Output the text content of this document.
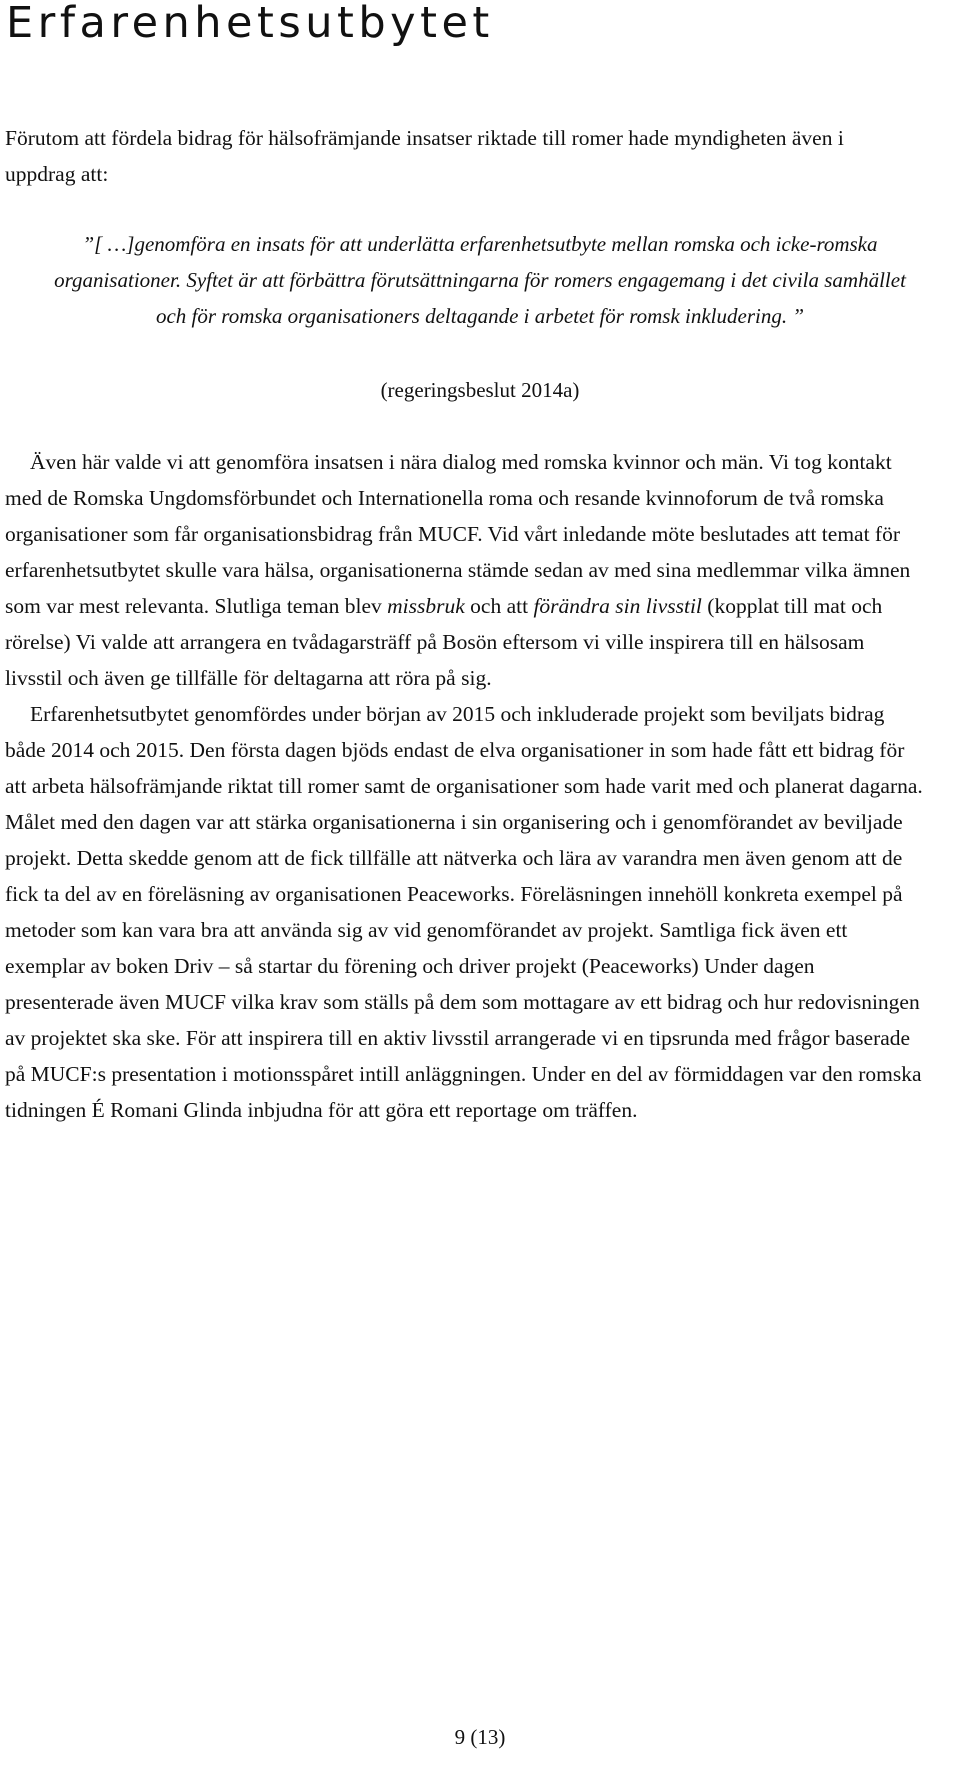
Erfarenhetsutbytet

Förutom att fördela bidrag för hälsofrämjande insatser riktade till romer hade myndigheten även i uppdrag att:

”[ …]genomföra en insats för att underlätta erfarenhetsutbyte mellan romska och icke-romska organisationer. Syftet är att förbättra förutsättningarna för romers engagemang i det civila samhället och för romska organisationers deltagande i arbetet för romsk inkludering. ”

(regeringsbeslut 2014a)

Även här valde vi att genomföra insatsen i nära dialog med romska kvinnor och män. Vi tog kontakt med de Romska Ungdomsförbundet och Internationella roma och resande kvinnoforum de två romska organisationer som får organisationsbidrag från MUCF. Vid vårt inledande möte beslutades att temat för erfarenhetsutbytet skulle vara hälsa, organisationerna stämde sedan av med sina medlemmar vilka ämnen som var mest relevanta. Slutliga teman blev missbruk och att förändra sin livsstil (kopplat till mat och rörelse) Vi valde att arrangera en tvådagarsträff på Bosön eftersom vi ville inspirera till en hälsosam livsstil och även ge tillfälle för deltagarna att röra på sig.

Erfarenhetsutbytet genomfördes under början av 2015 och inkluderade projekt som beviljats bidrag både 2014 och 2015. Den första dagen bjöds endast de elva organisationer in som hade fått ett bidrag för att arbeta hälsofrämjande riktat till romer samt de organisationer som hade varit med och planerat dagarna. Målet med den dagen var att stärka organisationerna i sin organisering och i genomförandet av beviljade projekt. Detta skedde genom att de fick tillfälle att nätverka och lära av varandra men även genom att de fick ta del av en föreläsning av organisationen Peaceworks. Föreläsningen innehöll konkreta exempel på metoder som kan vara bra att använda sig av vid genomförandet av projekt. Samtliga fick även ett exemplar av boken Driv – så startar du förening och driver projekt (Peaceworks) Under dagen presenterade även MUCF vilka krav som ställs på dem som mottagare av ett bidrag och hur redovisningen av projektet ska ske. För att inspirera till en aktiv livsstil arrangerade vi en tipsrunda med frågor baserade på MUCF:s presentation i motionsspåret intill anläggningen. Under en del av förmiddagen var den romska tidningen É Romani Glinda inbjudna för att göra ett reportage om träffen.

9 (13)
